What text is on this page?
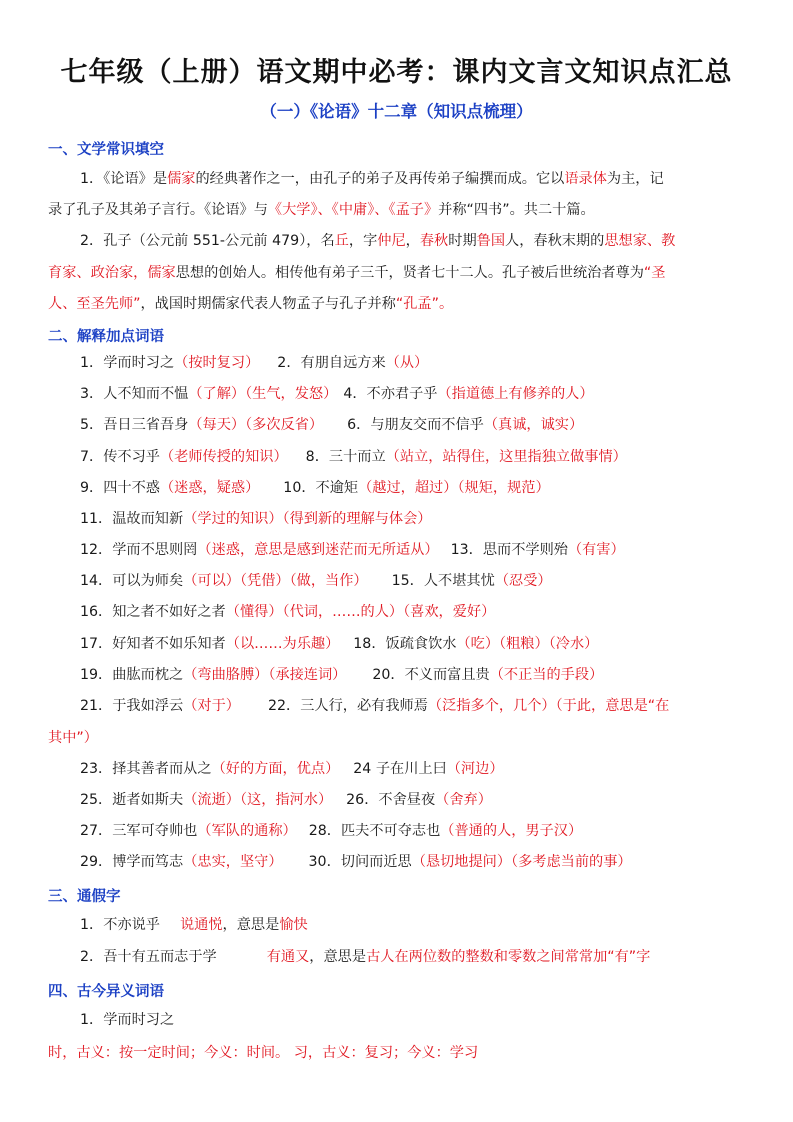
七年级（上册）语文期中必考：课内文言文知识点汇总
（一）《论语》十二章（知识点梳理）
一、文学常识填空
1．《论语》是儒家的经典著作之一，由孔子的弟子及再传弟子编撰而成。它以语录体为主，记
录了孔子及其弟子言行。《论语》与《大学》、《中庸》、《孟子》并称“四书”。共二十篇。
2．孔子（公元前 551-公元前 479），名丘，字仲尼，春秋时期鲁国人，春秋末期的思想家、教
育家、政治家，儒家思想的创始人。相传他有弟子三千，贤者七十二人。孔子被后世统治者尊为“圣
人、至圣先师”，战国时期儒家代表人物孟子与孔子并称“孔孟”。
二、解释加点词语
1．学而时习之（按时复习） 2．有朋自远方来（从）
3．人不知而不愠（了解）（生气，发怒） 4．不亦君子乎（指道德上有修养的人）
5．吾日三省吾身（每天）（多次反省） 6．与朋友交而不信乎（真诚，诚实）
7．传不习乎（老师传授的知识） 8．三十而立（站立，站得住，这里指独立做事情）
9．四十不惑（迷惑，疑惑） 10．不逾矩（越过，超过）（规矩，规范）
11．温故而知新（学过的知识）（得到新的理解与体会）
12．学而不思则罔（迷惑，意思是感到迷茫而无所适从） 13．思而不学则殆（有害）
14．可以为师矣（可以）（凭借）（做，当作） 15．人不堪其忧（忍受）
16．知之者不如好之者（懂得）（代词，……的人）（喜欢，爱好）
17．好知者不如乐知者（以……为乐趣） 18．饭疏食饮水（吃）（粗粮）（冷水）
19．曲肱而枕之（弯曲胳膊）（承接连词） 20．不义而富且贵（不正当的手段）
21．于我如浮云（对于） 22．三人行，必有我师焉（泛指多个，几个）（于此，意思是“在
其中”）
23．择其善者而从之（好的方面，优点） 24 子在川上曰（河边）
25．逝者如斯夫（流逝）（这，指河水） 26．不舍昼夜（舍弃）
27．三军可夺帅也（军队的通称） 28．匹夫不可夺志也（普通的人，男子汉）
29．博学而笃志（忠实，坚守） 30．切问而近思（恳切地提问）（多考虑当前的事）
三、通假字
1．不亦说乎 说通悦，意思是愉快
2．吾十有五而志于学	有通又，意思是古人在两位数的整数和零数之间常常加“有”字
四、古今异义词语
1．学而时习之
时，古义：按一定时间；今义：时间。 习，古义：复习；今义：学习
